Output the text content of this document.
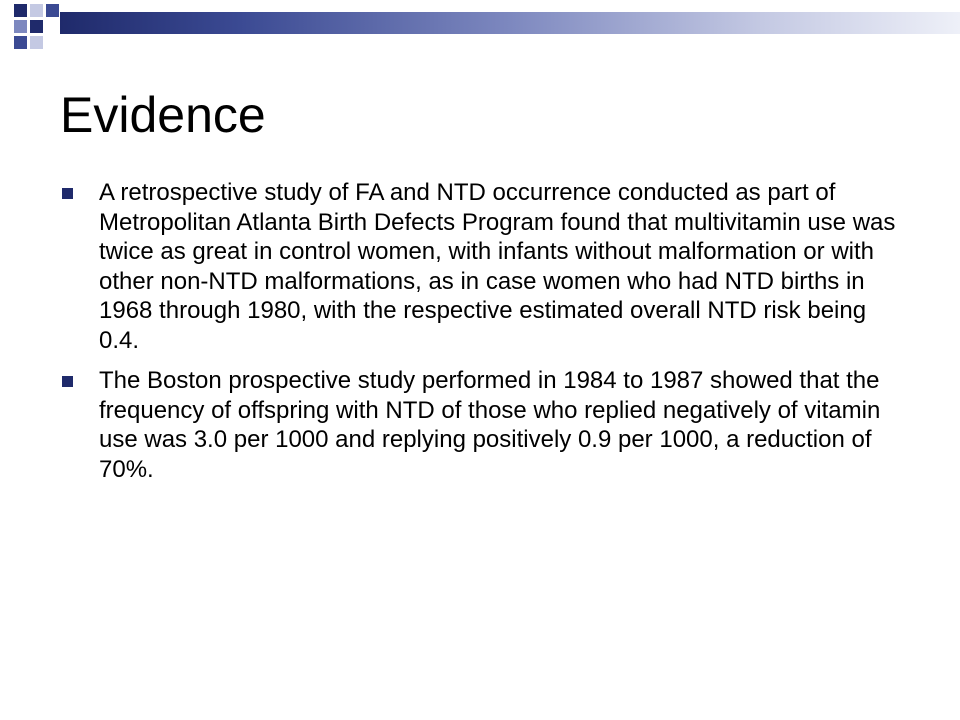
Evidence
A retrospective study of FA and NTD occurrence conducted as part of Metropolitan Atlanta Birth Defects Program found that multivitamin use was twice as great in control women, with infants without malformation or with other non-NTD malformations, as in case women who had NTD births in 1968 through 1980, with the respective estimated overall NTD risk being 0.4.
The Boston prospective study performed in 1984 to 1987 showed that the frequency of offspring with NTD of those who replied negatively of vitamin use was 3.0 per 1000 and replying positively 0.9 per 1000, a reduction of 70%.
